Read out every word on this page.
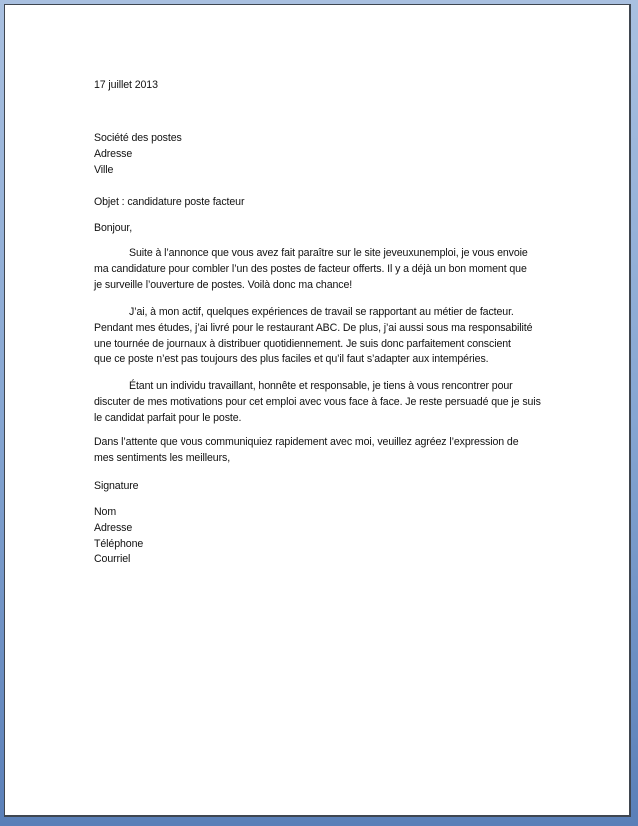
17 juillet 2013
Société des postes
Adresse
Ville
Objet : candidature poste facteur
Bonjour,
Suite à l’annonce que vous avez fait paraître sur le site jeveuxunemploi, je vous envoie
ma candidature pour combler l’un des postes de facteur offerts. Il y a déjà un bon moment que
je surveille l’ouverture de postes. Voilà donc ma chance!
J’ai, à mon actif, quelques expériences de travail se rapportant au métier de facteur.
Pendant mes études, j’ai livré pour le restaurant ABC. De plus, j’ai aussi sous ma responsabilité
une tournée de journaux à distribuer quotidiennement. Je suis donc parfaitement conscient
que ce poste n’est pas toujours des plus faciles et qu’il faut s’adapter aux intempéries.
Étant un individu travaillant, honnête et responsable, je tiens à vous rencontrer pour
discuter de mes motivations pour cet emploi avec vous face à face. Je reste persuadé que je suis
le candidat parfait pour le poste.
Dans l’attente que vous communiquiez rapidement avec moi, veuillez agréez l’expression de
mes sentiments les meilleurs,
Signature
Nom
Adresse
Téléphone
Courriel
